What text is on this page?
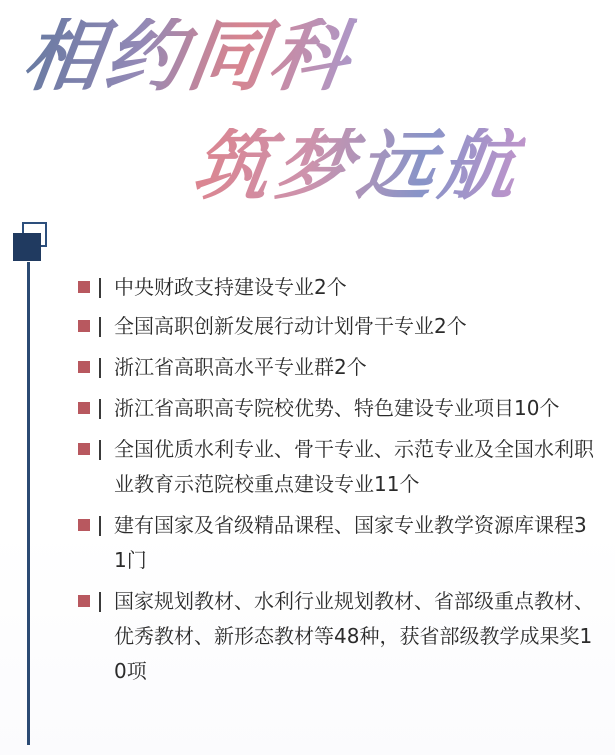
相约同科
筑梦远航
中央财政支持建设专业2个
全国高职创新发展行动计划骨干专业2个
浙江省高职高水平专业群2个
浙江省高职高专院校优势、特色建设专业项目10个
全国优质水利专业、骨干专业、示范专业及全国水利职业教育示范院校重点建设专业11个
建有国家及省级精品课程、国家专业教学资源库课程31门
国家规划教材、水利行业规划教材、省部级重点教材、优秀教材、新形态教材等48种，获省部级教学成果奖10项
